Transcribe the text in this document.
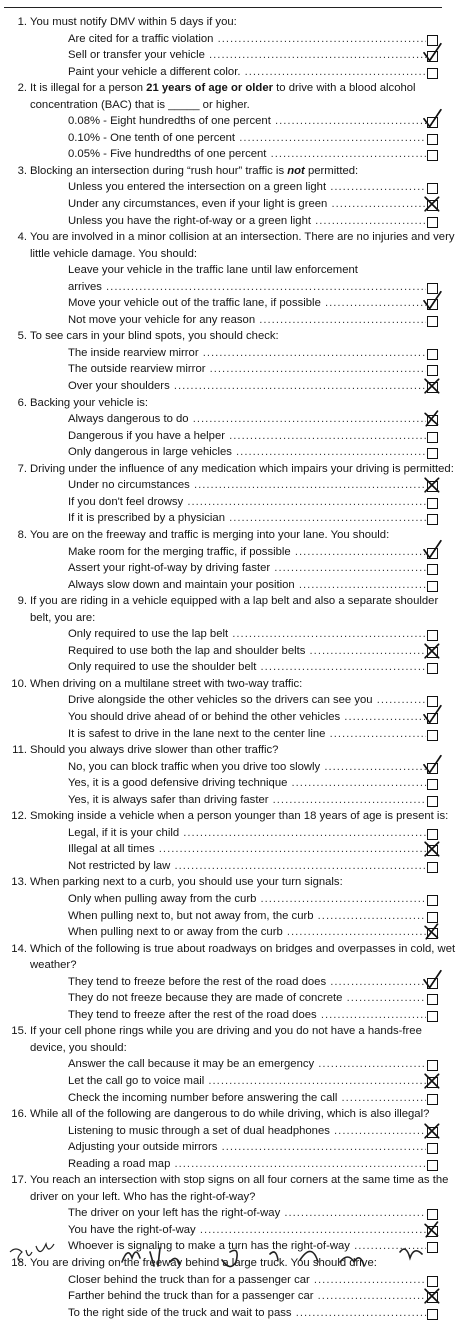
1. You must notify DMV within 5 days if you:
Are cited for a traffic violation .....
Sell or transfer your vehicle .....
Paint your vehicle a different color. .....
2. It is illegal for a person 21 years of age or older to drive with a blood alcohol concentration (BAC) that is _____ or higher.
0.08% - Eight hundredths of one percent .....
0.10% - One tenth of one percent .....
0.05% - Five hundredths of one percent .....
3. Blocking an intersection during “rush hour” traffic is not permitted:
Unless you entered the intersection on a green light .....
Under any circumstances, even if your light is green .....
Unless you have the right-of-way or a green light .....
4. You are involved in a minor collision at an intersection. There are no injuries and very little vehicle damage. You should:
Leave your vehicle in the traffic lane until law enforcement
arrives .....
Move your vehicle out of the traffic lane, if possible .....
Not move your vehicle for any reason .....
5. To see cars in your blind spots, you should check:
The inside rearview mirror .....
The outside rearview mirror .....
Over your shoulders .....
6. Backing your vehicle is:
Always dangerous to do .....
Dangerous if you have a helper .....
Only dangerous in large vehicles .....
7. Driving under the influence of any medication which impairs your driving is permitted:
Under no circumstances .....
If you don't feel drowsy .....
If it is prescribed by a physician .....
8. You are on the freeway and traffic is merging into your lane. You should:
Make room for the merging traffic, if possible .....
Assert your right-of-way by driving faster .....
Always slow down and maintain your position .....
9. If you are riding in a vehicle equipped with a lap belt and also a separate shoulder belt, you are:
Only required to use the lap belt .....
Required to use both the lap and shoulder belts .....
Only required to use the shoulder belt .....
10. When driving on a multilane street with two-way traffic:
Drive alongside the other vehicles so the drivers can see you .....
You should drive ahead of or behind the other vehicles .....
It is safest to drive in the lane next to the center line .....
11. Should you always drive slower than other traffic?
No, you can block traffic when you drive too slowly .....
Yes, it is a good defensive driving technique .....
Yes, it is always safer than driving faster .....
12. Smoking inside a vehicle when a person younger than 18 years of age is present is:
Legal, if it is your child .....
Illegal at all times .....
Not restricted by law .....
13. When parking next to a curb, you should use your turn signals:
Only when pulling away from the curb .....
When pulling next to, but not away from, the curb .....
When pulling next to or away from the curb .....
14. Which of the following is true about roadways on bridges and overpasses in cold, wet weather?
They tend to freeze before the rest of the road does .....
They do not freeze because they are made of concrete .....
They tend to freeze after the rest of the road does .....
15. If your cell phone rings while you are driving and you do not have a hands-free device, you should:
Answer the call because it may be an emergency .....
Let the call go to voice mail .....
Check the incoming number before answering the call .....
16. While all of the following are dangerous to do while driving, which is also illegal?
Listening to music through a set of dual headphones .....
Adjusting your outside mirrors .....
Reading a road map .....
17. You reach an intersection with stop signs on all four corners at the same time as the driver on your left. Who has the right-of-way?
The driver on your left has the right-of-way .....
You have the right-of-way .....
Whoever is signaling to make a turn has the right-of-way .....
18. You are driving on the freeway behind a large truck. You should drive:
Closer behind the truck than for a passenger car .....
Farther behind the truck than for a passenger car .....
To the right side of the truck and wait to pass .....
